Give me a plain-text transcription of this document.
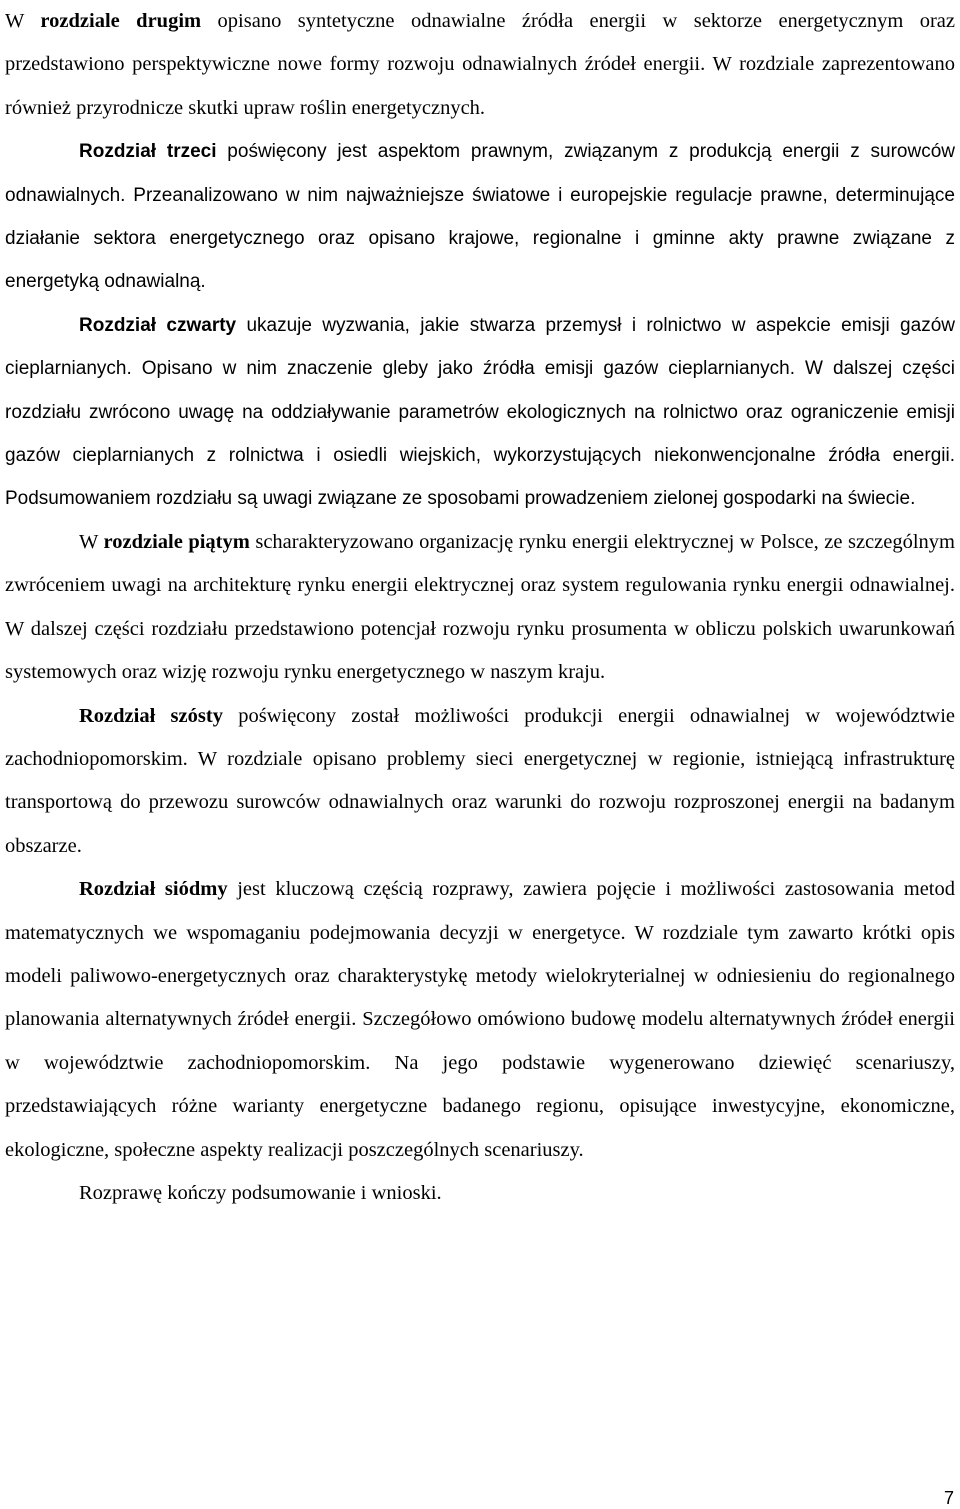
W rozdziale drugim opisano syntetyczne odnawialne źródła energii w sektorze energetycznym oraz przedstawiono perspektywiczne nowe formy rozwoju odnawialnych źródeł energii. W rozdziale zaprezentowano również przyrodnicze skutki upraw roślin energetycznych.

Rozdział trzeci poświęcony jest aspektom prawnym, związanym z produkcją energii z surowców odnawialnych. Przeanalizowano w nim najważniejsze światowe i europejskie regulacje prawne, determinujące działanie sektora energetycznego oraz opisano krajowe, regionalne i gminne akty prawne związane z energetyką odnawialną.

Rozdział czwarty ukazuje wyzwania, jakie stwarza przemysł i rolnictwo w aspekcie emisji gazów cieplarnianych. Opisano w nim znaczenie gleby jako źródła emisji gazów cieplarnianych. W dalszej części rozdziału zwrócono uwagę na oddziaływanie parametrów ekologicznych na rolnictwo oraz ograniczenie emisji gazów cieplarnianych z rolnictwa i osiedli wiejskich, wykorzystujących niekonwencjonalne źródła energii. Podsumowaniem rozdziału są uwagi związane ze sposobami prowadzeniem zielonej gospodarki na świecie.

W rozdziale piątym scharakteryzowano organizację rynku energii elektrycznej w Polsce, ze szczególnym zwróceniem uwagi na architekturę rynku energii elektrycznej oraz system regulowania rynku energii odnawialnej. W dalszej części rozdziału przedstawiono potencjał rozwoju rynku prosumenta w obliczu polskich uwarunkowań systemowych oraz wizję rozwoju rynku energetycznego w naszym kraju.

Rozdział szósty poświęcony został możliwości produkcji energii odnawialnej w województwie zachodniopomorskim. W rozdziale opisano problemy sieci energetycznej w regionie, istniejącą infrastrukturę transportową do przewozu surowców odnawialnych oraz warunki do rozwoju rozproszonej energii na badanym obszarze.

Rozdział siódmy jest kluczową częścią rozprawy, zawiera pojęcie i możliwości zastosowania metod matematycznych we wspomaganiu podejmowania decyzji w energetyce. W rozdziale tym zawarto krótki opis modeli paliwowo-energetycznych oraz charakterystykę metody wielokryterialnej w odniesieniu do regionalnego planowania alternatywnych źródeł energii. Szczegółowo omówiono budowę modelu alternatywnych źródeł energii w województwie zachodniopomorskim. Na jego podstawie wygenerowano dziewięć scenariuszy, przedstawiających różne warianty energetyczne badanego regionu, opisujące inwestycyjne, ekonomiczne, ekologiczne, społeczne aspekty realizacji poszczególnych scenariuszy.

Rozprawę kończy podsumowanie i wnioski.

7
